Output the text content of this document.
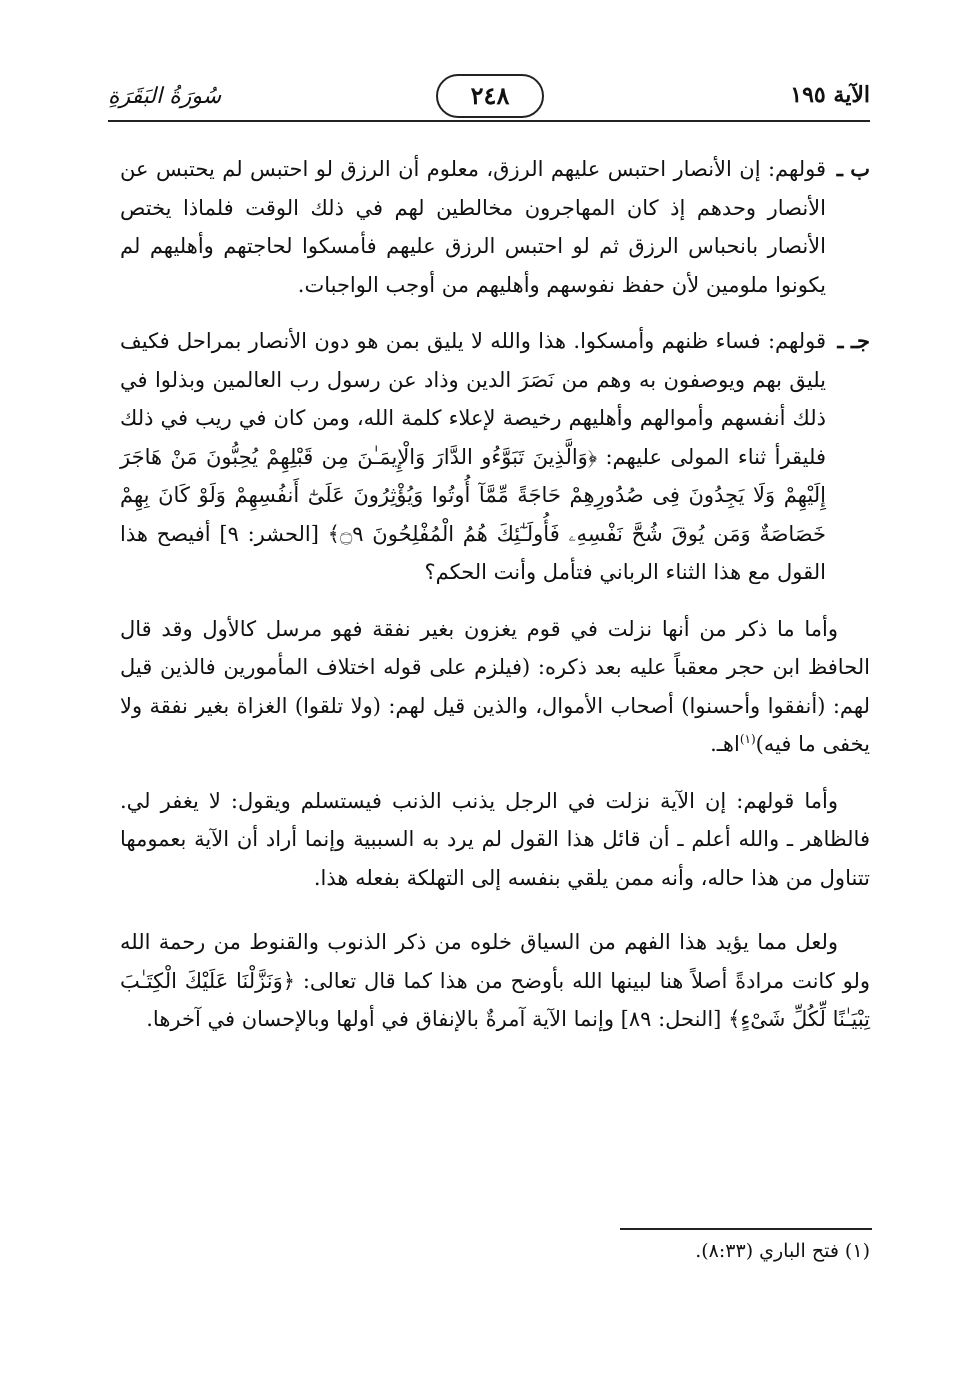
الآية ١٩٥
٢٤٨
سُورَةُ البَقَرَةِ
ب ـ
قولهم: إن الأنصار احتبس عليهم الرزق، معلوم أن الرزق لو احتبس لم يحتبس عن الأنصار وحدهم إذ كان المهاجرون مخالطين لهم في ذلك الوقت فلماذا يختص الأنصار بانحباس الرزق ثم لو احتبس الرزق عليهم فأمسكوا لحاجتهم وأهليهم لم يكونوا ملومين لأن حفظ نفوسهم وأهليهم من أوجب الواجبات.
جـ ـ
قولهم: فساء ظنهم وأمسكوا. هذا والله لا يليق بمن هو دون الأنصار بمراحل فكيف يليق بهم ويوصفون به وهم من نَصَرَ الدين وذاد عن رسول رب العالمين وبذلوا في ذلك أنفسهم وأموالهم وأهليهم رخيصة لإعلاء كلمة الله، ومن كان في ريب في ذلك فليقرأ ثناء المولى عليهم: ﴿وَالَّذِينَ تَبَوَّءُو الدَّارَ وَالْإِيمَـٰنَ مِن قَبْلِهِمْ يُحِبُّونَ مَنْ هَاجَرَ إِلَيْهِمْ وَلَا يَجِدُونَ فِى صُدُورِهِمْ حَاجَةً مِّمَّآ أُوتُوا وَيُؤْثِرُونَ عَلَىٰٓ أَنفُسِهِمْ وَلَوْ كَانَ بِهِمْ خَصَاصَةٌ وَمَن يُوقَ شُحَّ نَفْسِهِۦ فَأُولَـٰٓئِكَ هُمُ الْمُفْلِحُونَ ۝٩﴾ [الحشر: ٩] أفيصح هذا القول مع هذا الثناء الرباني فتأمل وأنت الحكم؟

وأما ما ذكر من أنها نزلت في قوم يغزون بغير نفقة فهو مرسل كالأول وقد قال الحافظ ابن حجر معقباً عليه بعد ذكره: (فيلزم على قوله اختلاف المأمورين فالذين قيل لهم: (أنفقوا وأحسنوا) أصحاب الأموال، والذين قيل لهم: (ولا تلقوا) الغزاة بغير نفقة ولا يخفى ما فيه)$^{(١)}$اهـ.

وأما قولهم: إن الآية نزلت في الرجل يذنب الذنب فيستسلم ويقول: لا يغفر لي. فالظاهر ـ والله أعلم ـ أن قائل هذا القول لم يرد به السببية وإنما أراد أن الآية بعمومها تتناول من هذا حاله، وأنه ممن يلقي بنفسه إلى التهلكة بفعله هذا.

ولعل مما يؤيد هذا الفهم من السياق خلوه من ذكر الذنوب والقنوط من رحمة الله ولو كانت مرادةً أصلاً هنا لبينها الله بأوضح من هذا كما قال تعالى: ﴿وَنَزَّلْنَا عَلَيْكَ الْكِتَـٰبَ تِبْيَـٰنًا لِّكُلِّ شَىْءٍ﴾ [النحل: ٨٩] وإنما الآية آمرةٌ بالإنفاق في أولها وبالإحسان في آخرها.

(١) فتح الباري (٨:٣٣).
